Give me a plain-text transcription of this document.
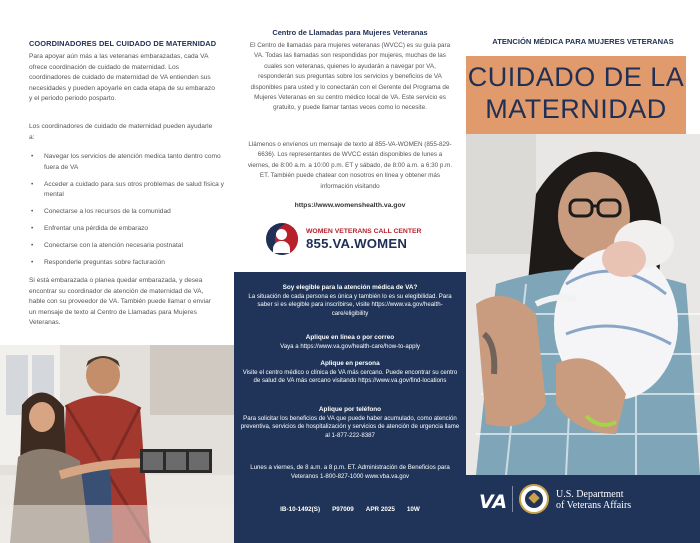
COORDINADORES DEL CUIDADO DE MATERNIDAD

Para apoyar aún más a las veteranas embarazadas, cada VA ofrece coordinación de cuidado de maternidad. Los coordinadores de cuidado de maternidad de VA entienden sus necesidades y pueden apoyarle en cada etapa de su embarazo y el periodo periodo posparto.

Los coordinadores de cuidado de maternidad pueden ayudarle a:

• Navegar los servicios de atención medica tanto dentro como fuera de VA
• Acceder a cuidado para sus otros problemas de salud física y mental
• Conectarse a los recursos de la comunidad
• Enfrentar una pérdida de embarazo
• Conectarse con la atención necesaria postnatal
• Responderle preguntas sobre facturación

Si está embarazada o planea quedar embarazada, y desea encontrar su coordinador de atención de maternidad de VA, hable con su proveedor de VA. También puede llamar o enviar un mensaje de texto al Centro de Llamadas para Mujeres Veteranas.

Centro de Llamadas para Mujeres Veteranas

El Centro de llamadas para mujeres veteranas (WVCC) es su guía para VA. Todas las llamadas son respondidas por mujeres, muchas de las cuales son veteranas, quienes lo ayudarán a navegar por VA, responderán sus preguntas sobre los servicios y beneficios de VA disponibles para usted y lo conectarán con el Gerente del Programa de Mujeres Veteranas en su centro médico local de VA. Este servicio es gratuito, y puede llamar tantas veces como lo necesite.

Llámenos o envíenos un mensaje de texto al 855-VA-WOMEN (855-829-6636). Los representantes de WVCC están disponibles de lunes a viernes, de 8:00 a.m. a 10:00 p.m. ET y sábado, de 8:00 a.m. a 6:30 p.m. ET. También puede chatear con nosotros en línea y obtener más información visitando

https://www.womenshealth.va.gov
WOMEN VETERANS CALL CENTER
855.VA.WOMEN
Soy elegible para la atención médica de VA?
La situación de cada persona es única y también lo es su elegibilidad. Para saber si es elegible para inscribirse, visite https://www.va.gov/health-care/eligibility
Aplique en línea o por correo
Vaya a https://www.va.gov/health-care/how-to-apply
Aplique en persona
Visite el centro médico o clínica de VA más cercano. Puede encontrar su centro de salud de VA más cercano visitando https://www.va.gov/find-locations
Aplique por teléfono
Para solicitar los beneficios de VA que puede haber acumulado, como atención preventiva, servicios de hospitalización y servicios de atención de urgencia llame al 1-877-222-8387
Lunes a viernes, de 8 a.m. a 8 p.m. ET. Administración de Beneficios para Veteranos 1-800-827-1000 www.vba.va.gov
IB-10-1492(S) P97009 APR 2025 10W
ATENCIÓN MÉDICA PARA MUJERES VETERANAS
CUIDADO DE LA
MATERNIDAD
VA	U.S. Department
of Veterans Affairs
